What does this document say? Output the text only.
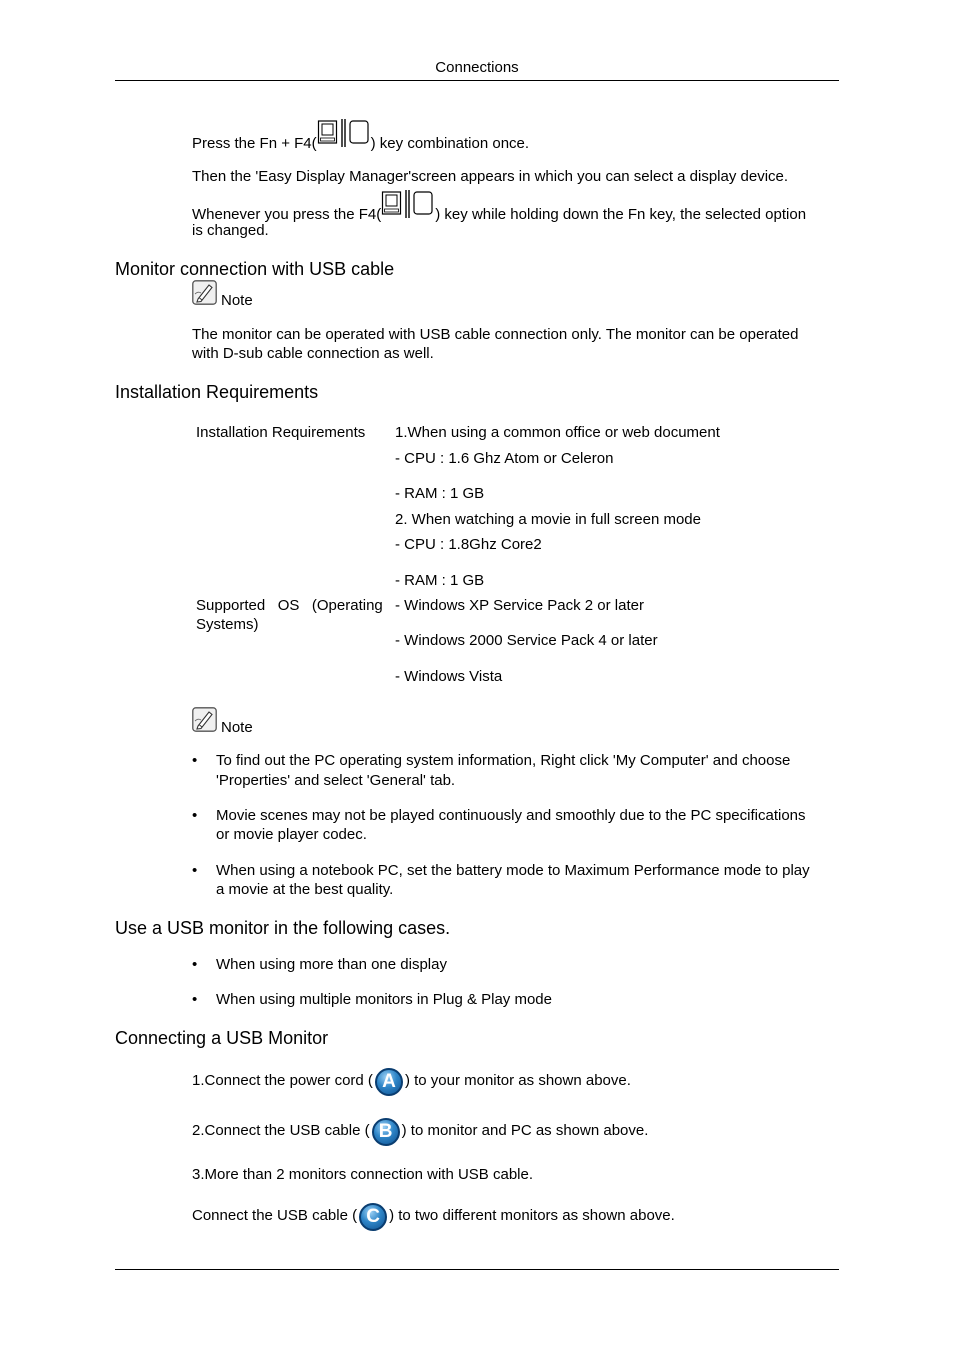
Connections
Press the Fn + F4(	) key combination once.
Then the 'Easy Display Manager'screen appears in which you can select a display device.
Whenever you press the F4(	) key while holding down the Fn key, the selected option
is changed.
Monitor connection with USB cable
Note
The monitor can be operated with USB cable connection only. The monitor can be operated
with D-sub cable connection as well.
Installation Requirements
Installation Requirements 1.When using a common office or web document
- CPU : 1.6 Ghz Atom or Celeron
- RAM : 1 GB
2. When watching a movie in full screen mode
- CPU : 1.8Ghz Core2
- RAM : 1 GB
Supported   OS   (Operating
Systems)
- Windows XP Service Pack 2 or later
- Windows 2000 Service Pack 4 or later
- Windows Vista
Note
• To find out the PC operating system information, Right click 'My Computer' and choose
'Properties' and select 'General' tab.
• Movie scenes may not be played continuously and smoothly due to the PC specifications
or movie player codec.
• When using a notebook PC, set the battery mode to Maximum Performance mode to play
a movie at the best quality.
Use a USB monitor in the following cases.
• When using more than one display
• When using multiple monitors in Plug & Play mode
Connecting a USB Monitor
1.Connect the power cord ( A ) to your monitor as shown above.
2.Connect the USB cable ( B ) to monitor and PC as shown above.
3.More than 2 monitors connection with USB cable.
Connect the USB cable ( C ) to two different monitors as shown above.
